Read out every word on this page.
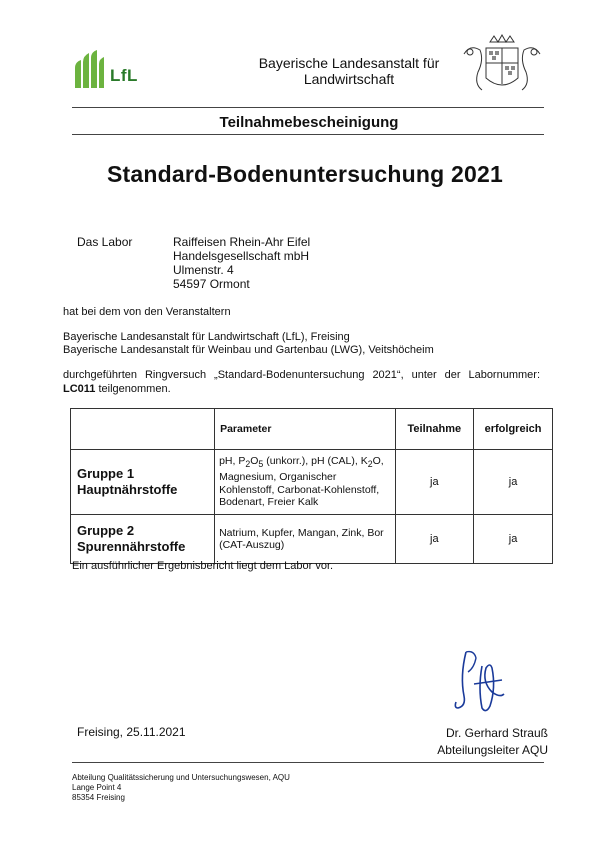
LfL
Bayerische Landesanstalt für
Landwirtschaft
Teilnahmebescheinigung
Standard-Bodenuntersuchung 2021
Das Labor	Raiffeisen Rhein-Ahr Eifel
Handelsgesellschaft mbH
Ulmenstr. 4
54597 Ormont
hat bei dem von den Veranstaltern
Bayerische Landesanstalt für Landwirtschaft (LfL), Freising
Bayerische Landesanstalt für Weinbau und Gartenbau (LWG), Veitshöcheim
durchgeführten Ringversuch „Standard-Bodenuntersuchung 2021“, unter der Labornummer:
LC011 teilgenommen.
	Parameter	Teilnahme	erfolgreich

Gruppe 1
Hauptnährstoffe	pH, $P_2O_5$ (unkorr.), pH (CAL), $K_2O$, Magnesium, Organischer Kohlenstoff, Carbonat-Kohlenstoff, Bodenart, Freier Kalk	ja	ja

Gruppe 2
Spurennährstoffe	Natrium, Kupfer, Mangan, Zink, Bor (CAT-Auszug)	ja	ja
Ein ausführlicher Ergebnisbericht liegt dem Labor vor.
Freising, 25.11.2021	Dr. Gerhard Strauß
Abteilungsleiter AQU
Abteilung Qualitätssicherung und Untersuchungswesen, AQU
Lange Point 4
85354 Freising
